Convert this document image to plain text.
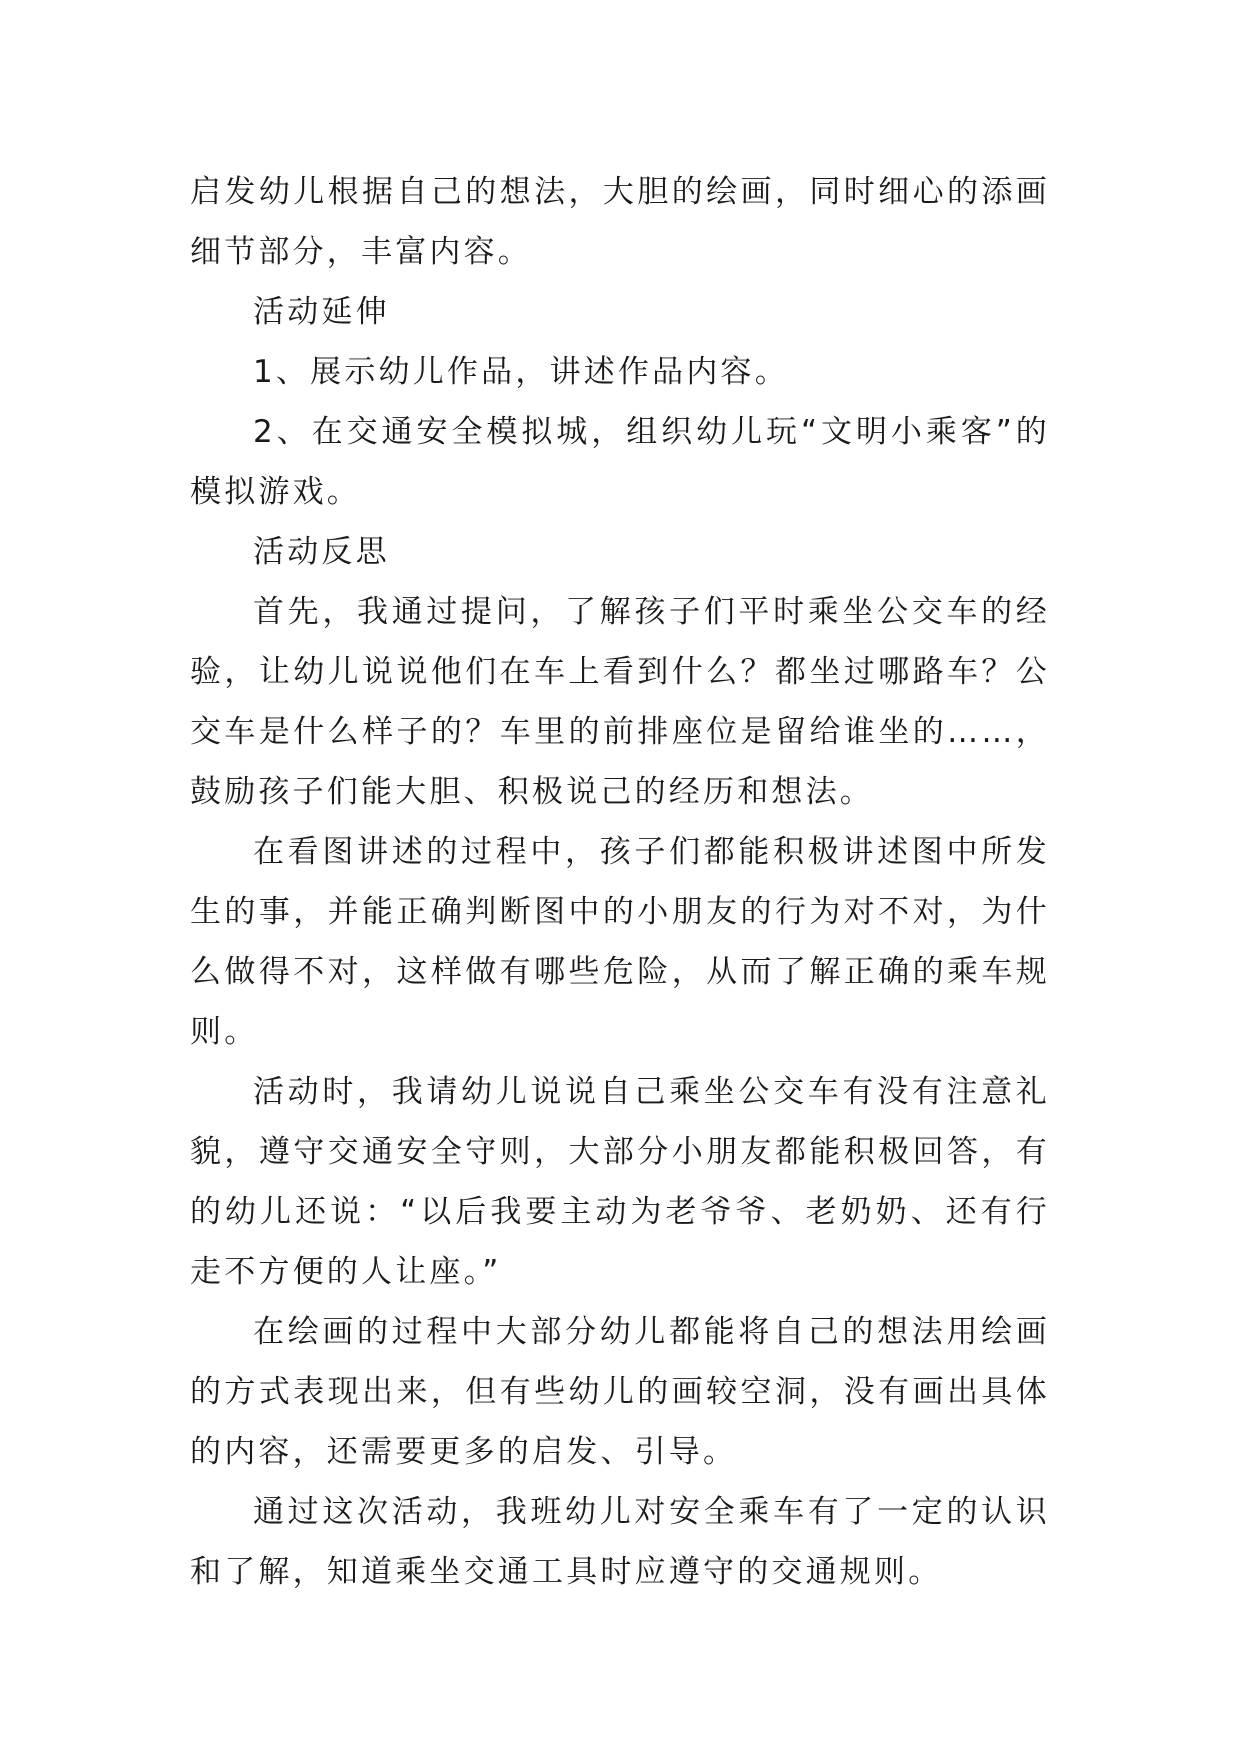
启发幼儿根据自己的想法，大胆的绘画，同时细心的添画细节部分，丰富内容。

活动延伸

1、展示幼儿作品，讲述作品内容。

2、在交通安全模拟城，组织幼儿玩“文明小乘客”的模拟游戏。

活动反思

首先，我通过提问，了解孩子们平时乘坐公交车的经验，让幼儿说说他们在车上看到什么？都坐过哪路车？公交车是什么样子的？车里的前排座位是留给谁坐的……，鼓励孩子们能大胆、积极说己的经历和想法。

在看图讲述的过程中，孩子们都能积极讲述图中所发生的事，并能正确判断图中的小朋友的行为对不对，为什么做得不对，这样做有哪些危险，从而了解正确的乘车规则。

活动时，我请幼儿说说自己乘坐公交车有没有注意礼貌，遵守交通安全守则，大部分小朋友都能积极回答，有的幼儿还说：“以后我要主动为老爷爷、老奶奶、还有行走不方便的人让座。”

在绘画的过程中大部分幼儿都能将自己的想法用绘画的方式表现出来，但有些幼儿的画较空洞，没有画出具体的内容，还需要更多的启发、引导。

通过这次活动，我班幼儿对安全乘车有了一定的认识和了解，知道乘坐交通工具时应遵守的交通规则。
